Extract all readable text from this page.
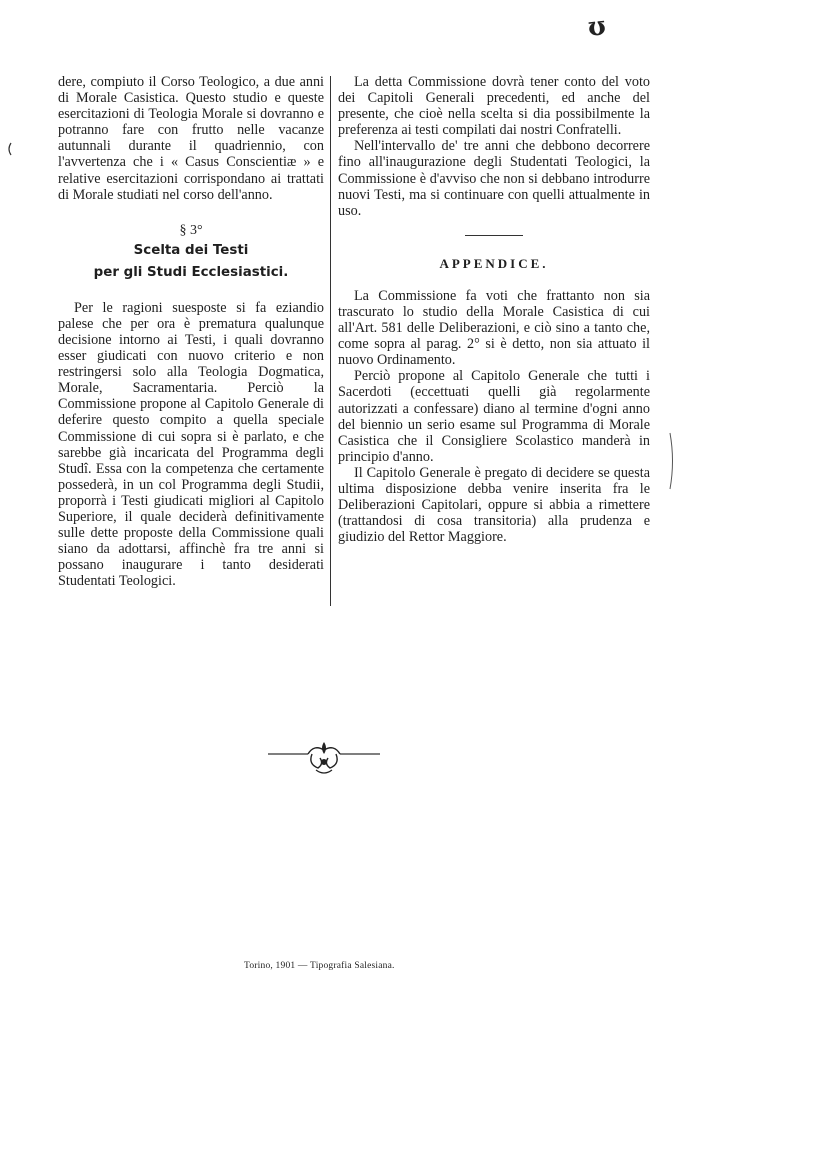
ʊ

dere, compiuto il Corso Teologico, a due anni di Morale Casistica. Questo studio e queste esercitazioni di Teologia Morale si dovranno e potranno fare con frutto nelle vacanze autunnali durante il quadriennio, con l'avvertenza che i « Casus Conscientiæ » e relative esercitazioni corrispondano ai trattati di Morale studiati nel corso dell'anno.

§ 3°
Scelta dei Testi
per gli Studi Ecclesiastici.

Per le ragioni suesposte si fa eziandio palese che per ora è prematura qualunque decisione intorno ai Testi, i quali dovranno esser giudicati con nuovo criterio e non restringersi solo alla Teologia Dogmatica, Morale, Sacramentaria. Perciò la Commissione propone al Capitolo Generale di deferire questo compito a quella speciale Commissione di cui sopra si è parlato, e che sarebbe già incaricata del Programma degli Studî. Essa con la competenza che certamente possederà, in un col Programma degli Studii, proporrà i Testi giudicati migliori al Capitolo Superiore, il quale deciderà definitivamente sulle dette proposte della Commissione quali siano da adottarsi, affinchè fra tre anni si possano inaugurare i tanto desiderati Studentati Teologici.

La detta Commissione dovrà tener conto del voto dei Capitoli Generali precedenti, ed anche del presente, che cioè nella scelta si dia possibilmente la preferenza ai testi compilati dai nostri Confratelli.

Nell'intervallo de' tre anni che debbono decorrere fino all'inaugurazione degli Studentati Teologici, la Commissione è d'avviso che non si debbano introdurre nuovi Testi, ma si continuare con quelli attualmente in uso.

APPENDICE.

La Commissione fa voti che frattanto non sia trascurato lo studio della Morale Casistica di cui all'Art. 581 delle Deliberazioni, e ciò sino a tanto che, come sopra al parag. 2° si è detto, non sia attuato il nuovo Ordinamento.

Perciò propone al Capitolo Generale che tutti i Sacerdoti (eccettuati quelli già regolarmente autorizzati a confessare) diano al termine d'ogni anno del biennio un serio esame sul Programma di Morale Casistica che il Consigliere Scolastico manderà in principio d'anno.

Il Capitolo Generale è pregato di decidere se questa ultima disposizione debba venire inserita fra le Deliberazioni Capitolari, oppure si abbia a rimettere (trattandosi di cosa transitoria) alla prudenza e giudizio del Rettor Maggiore.

Torino, 1901 — Tipografia Salesiana.
